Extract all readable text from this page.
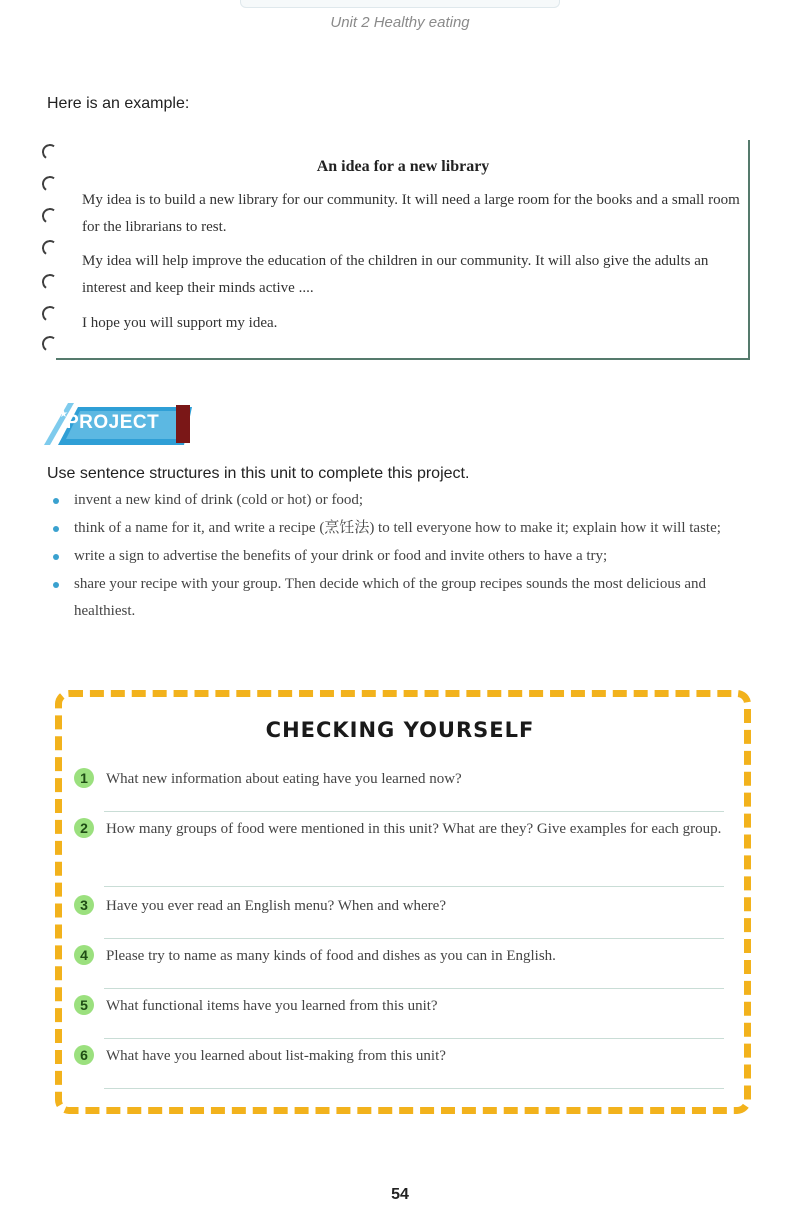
Unit 2 Healthy eating
Here is an example:
An idea for a new library

My idea is to build a new library for our community. It will need a large room for the books and a small room for the librarians to rest.

My idea will help improve the education of the children in our community. It will also give the adults an interest and keep their minds active ....

I hope you will support my idea.

★
PROJECT
Use sentence structures in this unit to complete this project.
invent a new kind of drink (cold or hot) or food;
think of a name for it, and write a recipe (烹饪法) to tell everyone how to make it; explain how it will taste;
write a sign to advertise the benefits of your drink or food and invite others to have a try;
share your recipe with your group. Then decide which of the group recipes sounds the most delicious and healthiest.
CHECKING YOURSELF
1	What new information about eating have you learned now?
2	How many groups of food were mentioned in this unit? What are they? Give examples for each group.
3	Have you ever read an English menu? When and where?
4	Please try to name as many kinds of food and dishes as you can in English.
5	What functional items have you learned from this unit?
6	What have you learned about list-making from this unit?
54
